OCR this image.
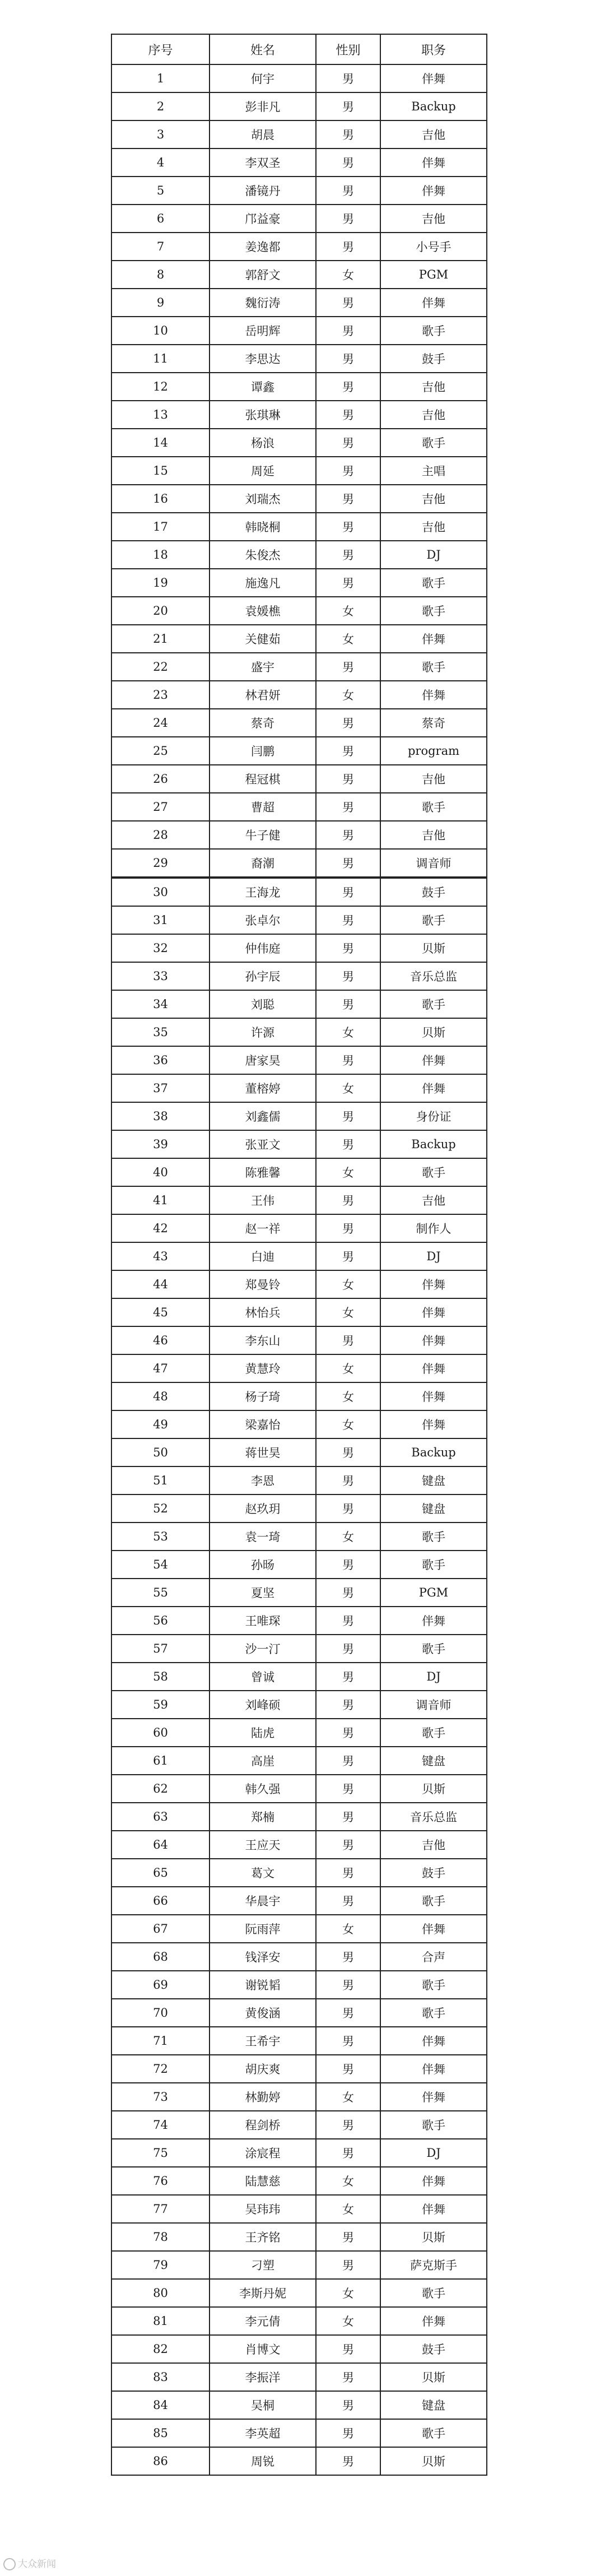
序号	姓名	性别	职务
1	何宇	男	伴舞
2	彭非凡	男	Backup
3	胡晨	男	吉他
4	李双圣	男	伴舞
5	潘镜丹	男	伴舞
6	邝益豪	男	吉他
7	姜逸都	男	小号手
8	郭舒文	女	PGM
9	魏衍涛	男	伴舞
10	岳明辉	男	歌手
11	李思达	男	鼓手
12	谭鑫	男	吉他
13	张琪琳	男	吉他
14	杨浪	男	歌手
15	周延	男	主唱
16	刘瑞杰	男	吉他
17	韩晓桐	男	吉他
18	朱俊杰	男	DJ
19	施逸凡	男	歌手
20	袁媛樵	女	歌手
21	关健茹	女	伴舞
22	盛宇	男	歌手
23	林君妍	女	伴舞
24	蔡奇	男	蔡奇
25	闫鹏	男	program
26	程冠棋	男	吉他
27	曹超	男	歌手
28	牛子健	男	吉他
29	裔潮	男	调音师
30	王海龙	男	鼓手
31	张卓尔	男	歌手
32	仲伟庭	男	贝斯
33	孙宇辰	男	音乐总监
34	刘聪	男	歌手
35	许源	女	贝斯
36	唐家昊	男	伴舞
37	董榕婷	女	伴舞
38	刘鑫儒	男	身份证
39	张亚文	男	Backup
40	陈雅馨	女	歌手
41	王伟	男	吉他
42	赵一祥	男	制作人
43	白迪	男	DJ
44	郑曼铃	女	伴舞
45	林怡兵	女	伴舞
46	李东山	男	伴舞
47	黄慧玲	女	伴舞
48	杨子琦	女	伴舞
49	梁嘉怡	女	伴舞
50	蒋世昊	男	Backup
51	李恩	男	键盘
52	赵玖玥	男	键盘
53	袁一琦	女	歌手
54	孙旸	男	歌手
55	夏坚	男	PGM
56	王唯琛	男	伴舞
57	沙一汀	男	歌手
58	曾诚	男	DJ
59	刘峰硕	男	调音师
60	陆虎	男	歌手
61	高崖	男	键盘
62	韩久强	男	贝斯
63	郑楠	男	音乐总监
64	王应天	男	吉他
65	葛文	男	鼓手
66	华晨宇	男	歌手
67	阮雨萍	女	伴舞
68	钱泽安	男	合声
69	谢锐韬	男	歌手
70	黄俊涵	男	歌手
71	王希宇	男	伴舞
72	胡庆爽	男	伴舞
73	林勤婷	女	伴舞
74	程剑桥	男	歌手
75	涂宸程	男	DJ
76	陆慧慈	女	伴舞
77	吴玮玮	女	伴舞
78	王齐铭	男	贝斯
79	刁塑	男	萨克斯手
80	李斯丹妮	女	歌手
81	李元倩	女	伴舞
82	肖博文	男	鼓手
83	李振洋	男	贝斯
84	吴桐	男	键盘
85	李英超	男	歌手
86	周锐	男	贝斯
大众新闻
